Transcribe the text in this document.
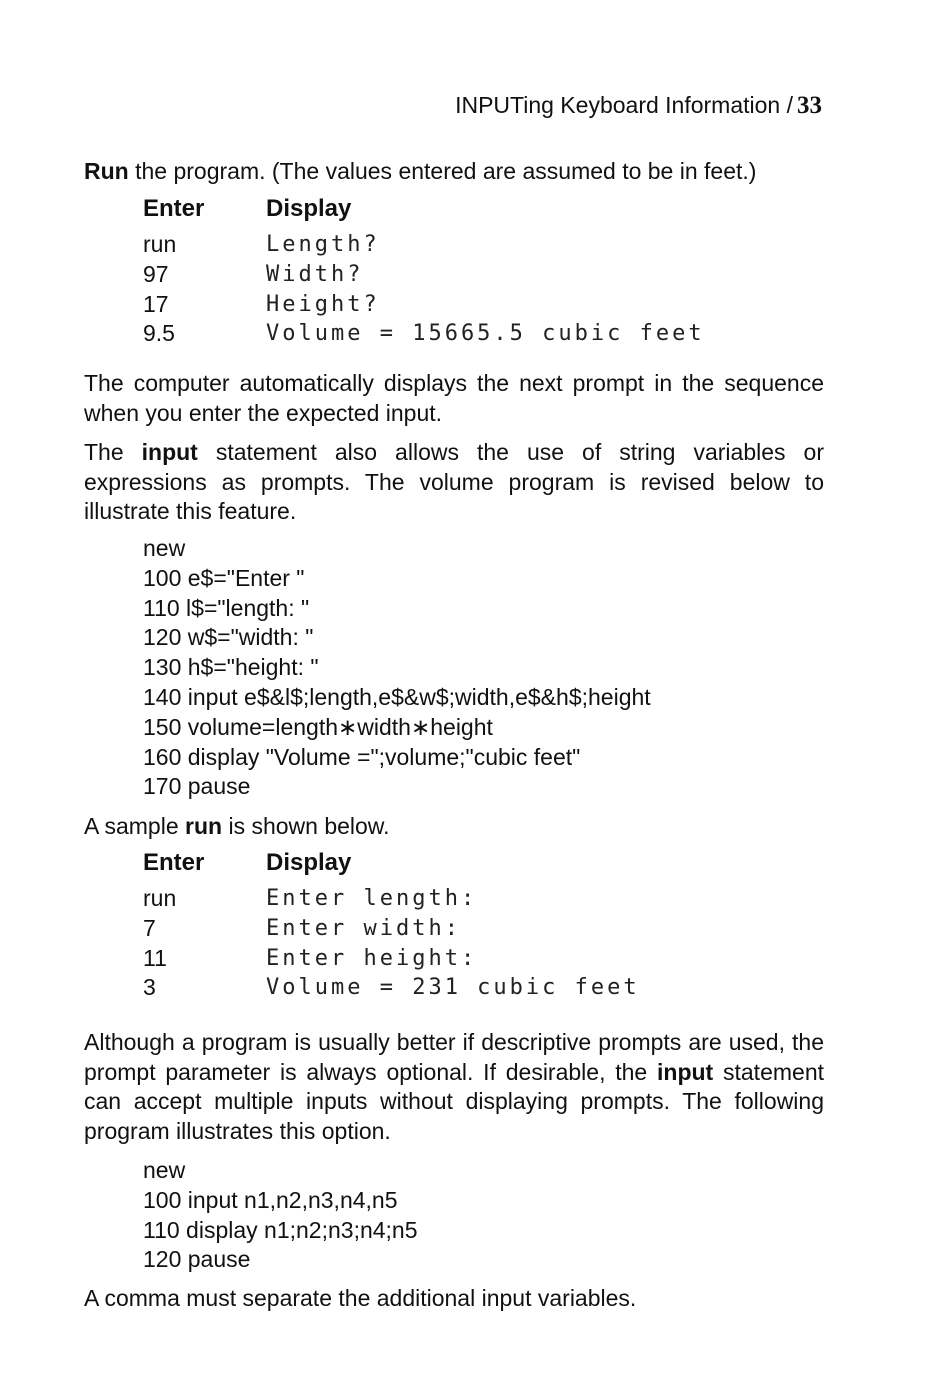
INPUTing Keyboard Information / 33
Run the program. (The values entered are assumed to be in feet.)
Enter	Display
run	Length?
97	Width?
17	Height?
9.5	Volume = 15665.5 cubic feet
The computer automatically displays the next prompt in the sequence when you enter the expected input.
The input statement also allows the use of string variables or expressions as prompts. The volume program is revised below to illustrate this feature.
new
100 e$="Enter "
110 l$="length: "
120 w$="width: "
130 h$="height: "
140 input e$&l$;length,e$&w$;width,e$&h$;height
150 volume=length∗width∗height
160 display "Volume =";volume;"cubic feet"
170 pause
A sample run is shown below.
Enter	Display
run	Enter length:
7	Enter width:
11	Enter height:
3	Volume = 231 cubic feet
Although a program is usually better if descriptive prompts are used, the prompt parameter is always optional. If desirable, the input statement can accept multiple inputs without displaying prompts. The following program illustrates this option.
new
100 input n1,n2,n3,n4,n5
110 display n1;n2;n3;n4;n5
120 pause
A comma must separate the additional input variables.
